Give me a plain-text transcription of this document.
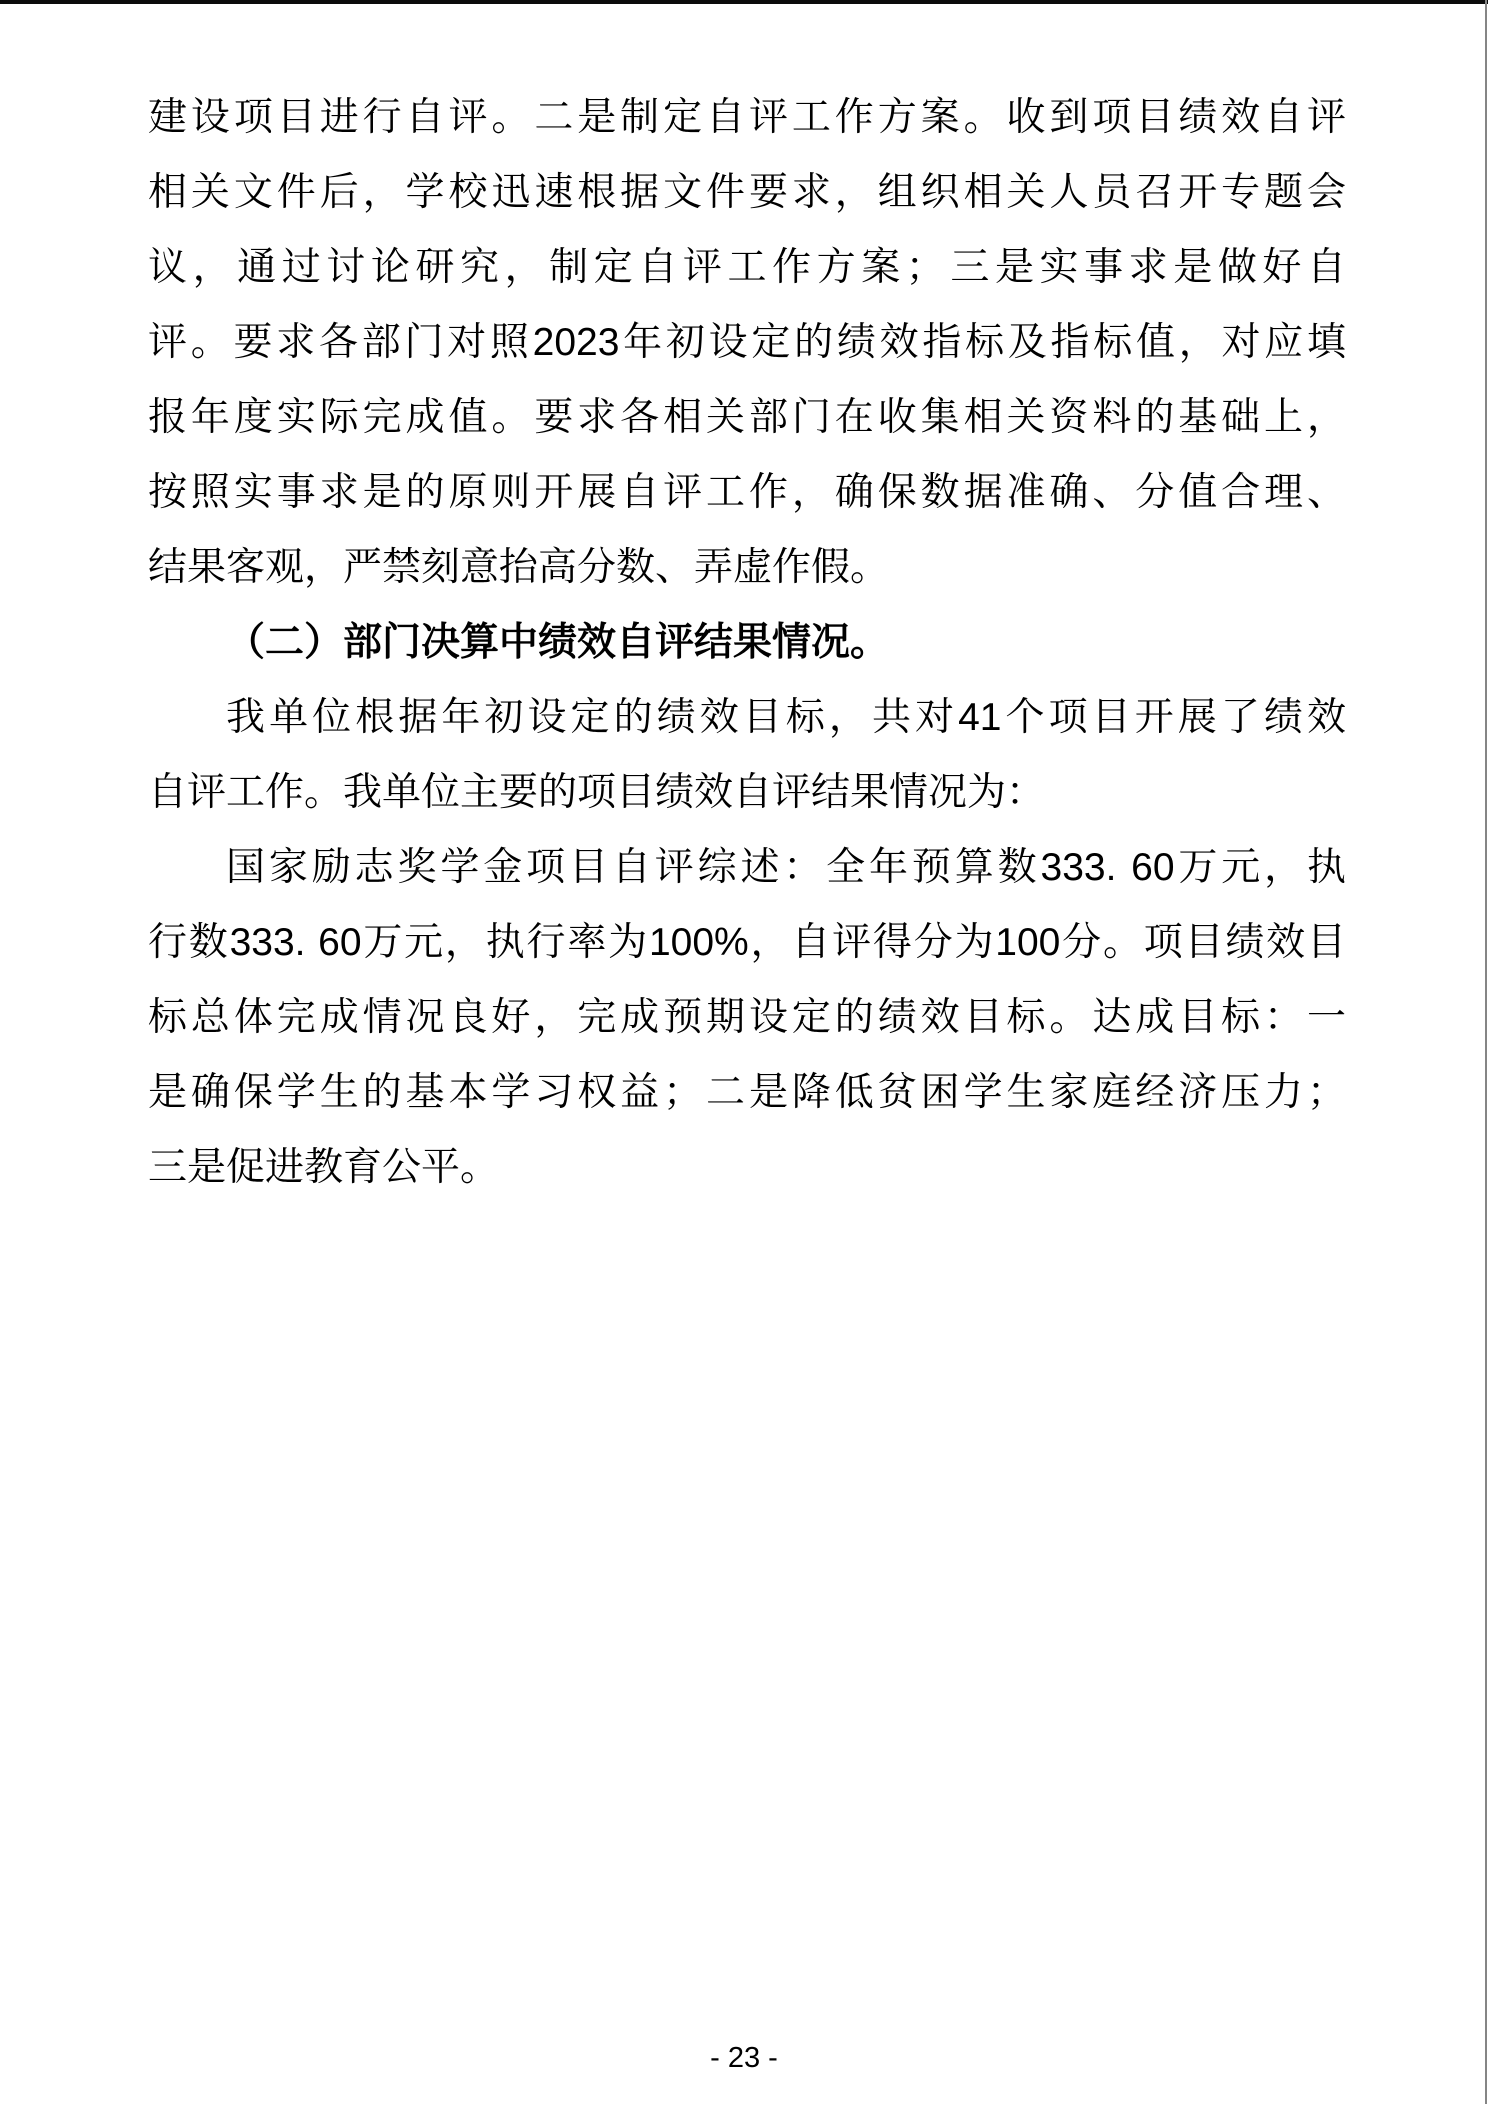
建设项目进行自评。二是制定自评工作方案。收到项目绩效自评
相关文件后，学校迅速根据文件要求，组织相关人员召开专题会
议，通过讨论研究，制定自评工作方案；三是实事求是做好自
评。要求各部门对照2023年初设定的绩效指标及指标值，对应填
报年度实际完成值。要求各相关部门在收集相关资料的基础上，
按照实事求是的原则开展自评工作，确保数据准确、分值合理、
结果客观，严禁刻意抬高分数、弄虚作假。
（二）部门决算中绩效自评结果情况。
我单位根据年初设定的绩效目标，共对41个项目开展了绩效
自评工作。我单位主要的项目绩效自评结果情况为：
国家励志奖学金项目自评综述：全年预算数333. 60万元，执
行数333. 60万元，执行率为100%，自评得分为100分。项目绩效目
标总体完成情况良好，完成预期设定的绩效目标。达成目标：一
是确保学生的基本学习权益；二是降低贫困学生家庭经济压力；
三是促进教育公平。
- 23 -
